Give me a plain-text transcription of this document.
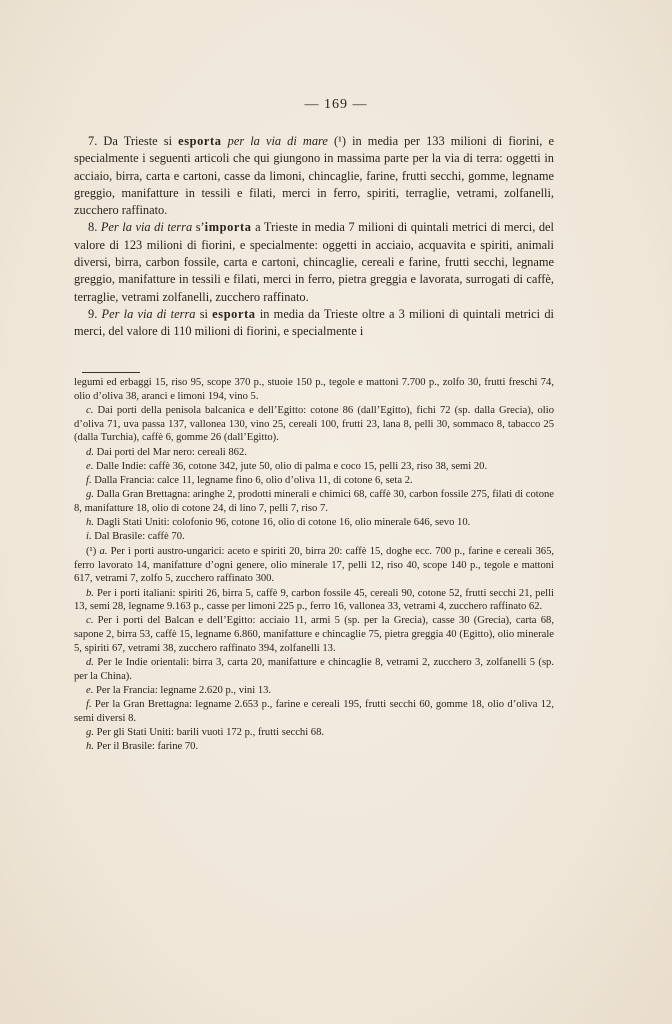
— 169 —

7. Da Trieste si esporta per la via di mare (¹) in media per 133 milioni di fiorini, e specialmente i seguenti articoli che qui giungono in massima parte per la via di terra: oggetti in acciaio, birra, carta e cartoni, casse da limoni, chincaglie, farine, frutti secchi, gomme, legname greggio, manifatture in tessili e filati, merci in ferro, spiriti, terraglie, vetrami, zolfanelli, zucchero raffinato.

8. Per la via di terra s’importa a Trieste in media 7 milioni di quintali metrici di merci, del valore di 123 milioni di fiorini, e specialmente: oggetti in acciaio, acquavita e spiriti, animali diversi, birra, carbon fossile, carta e cartoni, chincaglie, cereali e farine, frutti secchi, legname greggio, manifatture in tessili e filati, merci in ferro, pietra greggia e lavorata, surrogati di caffè, terraglie, vetrami zolfanelli, zucchero raffinato.

9. Per la via di terra si esporta in media da Trieste oltre a 3 milioni di quintali metrici di merci, del valore di 110 milioni di fiorini, e specialmente i

legumi ed erbaggi 15, riso 95, scope 370 p., stuoie 150 p., tegole e mattoni 7.700 p., zolfo 30, frutti freschi 74, olio d’oliva 38, aranci e limoni 194, vino 5.

c. Dai porti della penisola balcanica e dell’Egitto: cotone 86 (dall’Egitto), fichi 72 (sp. dalla Grecia), olio d’oliva 71, uva passa 137, vallonea 130, vino 25, cereali 100, frutti 23, lana 8, pelli 30, sommaco 8, tabacco 25 (dalla Turchia), caffè 6, gomme 26 (dall’Egitto).

d. Dai porti del Mar nero: cereali 862.

e. Dalle Indie: caffè 36, cotone 342, jute 50, olio di palma e coco 15, pelli 23, riso 38, semi 20.

f. Dalla Francia: calce 11, legname fino 6, olio d’oliva 11, di cotone 6, seta 2.

g. Dalla Gran Brettagna: aringhe 2, prodotti minerali e chimici 68, caffè 30, carbon fossile 275, filati di cotone 8, manifatture 18, olio di cotone 24, di lino 7, pelli 7, riso 7.

h. Dagli Stati Uniti: colofonio 96, cotone 16, olio di cotone 16, olio minerale 646, sevo 10.

i. Dal Brasile: caffè 70.

(¹) a. Per i porti austro-ungarici: aceto e spiriti 20, birra 20: caffè 15, doghe ecc. 700 p., farine e cereali 365, ferro lavorato 14, manifatture d’ogni genere, olio minerale 17, pelli 12, riso 40, scope 140 p., tegole e mattoni 617, vetrami 7, zolfo 5, zucchero raffinato 300.

b. Per i porti italiani: spiriti 26, birra 5, caffè 9, carbon fossile 45, cereali 90, cotone 52, frutti secchi 21, pelli 13, semi 28, legname 9.163 p., casse per limoni 225 p., ferro 16, vallonea 33, vetrami 4, zucchero raffinato 62.

c. Per i porti del Balcan e dell’Egitto: acciaio 11, armi 5 (sp. per la Grecia), casse 30 (Grecia), carta 68, sapone 2, birra 53, caffè 15, legname 6.860, manifatture e chincaglie 75, pietra greggia 40 (Egitto), olio minerale 5, spiriti 67, vetrami 38, zucchero raffinato 394, zolfanelli 13.

d. Per le Indie orientali: birra 3, carta 20, manifatture e chincaglie 8, vetrami 2, zucchero 3, zolfanelli 5 (sp. per la China).

e. Per la Francia: legname 2.620 p., vini 13.

f. Per la Gran Brettagna: legname 2.653 p., farine e cereali 195, frutti secchi 60, gomme 18, olio d’oliva 12, semi diversi 8.

g. Per gli Stati Uniti: barili vuoti 172 p., frutti secchi 68.

h. Per il Brasile: farine 70.
